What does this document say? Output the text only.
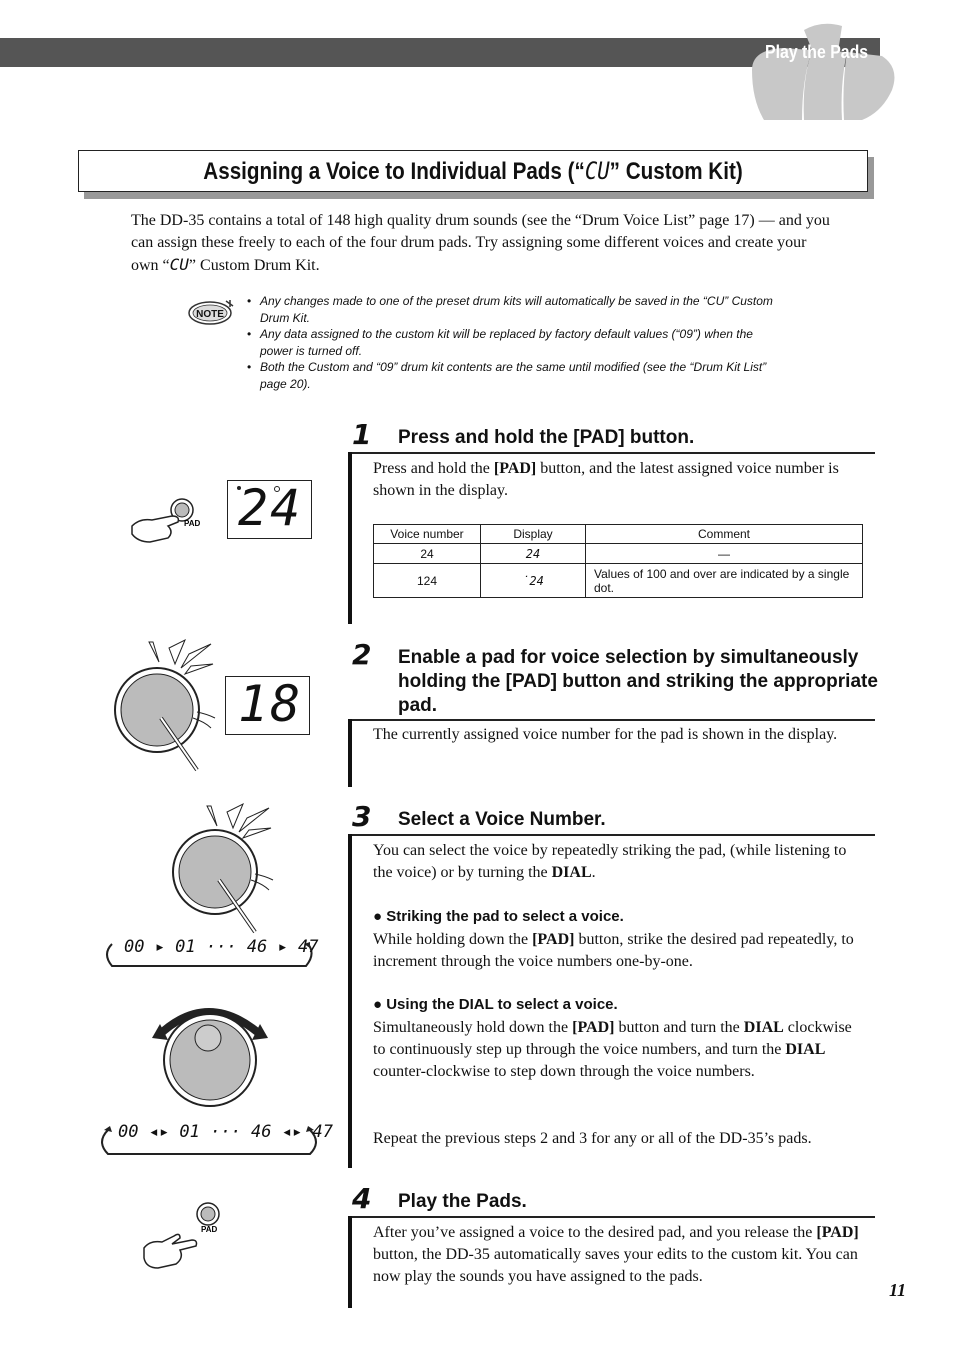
Play the Pads
Assigning a Voice to Individual Pads (“CU” Custom Kit)
The DD-35 contains a total of 148 high quality drum sounds (see the “Drum Voice List” page 17) — and you can assign these freely to each of the four drum pads. Try assigning some different voices and create your own “CU” Custom Drum Kit.
NOTE
• Any changes made to one of the preset drum kits will automatically be saved in the “CU” Custom Drum Kit.
• Any data assigned to the custom kit will be replaced by factory default values (“09”) when the power is turned off.
• Both the Custom and “09” drum kit contents are the same until modified (see the “Drum Kit List” page 20).
1 Press and hold the [PAD] button.
Press and hold the [PAD] button, and the latest assigned voice number is shown in the display.
Voice number	Display	Comment
24	24	—
124	˙24	Values of 100 and over are indicated by a single dot.
PAD 24
2 Enable a pad for voice selection by simultaneously holding the [PAD] button and striking the appropriate pad.
The currently assigned voice number for the pad is shown in the display.
18
3 Select a Voice Number.
You can select the voice by repeatedly striking the pad, (while listening to the voice) or by turning the DIAL.
● Striking the pad to select a voice.
While holding down the [PAD] button, strike the desired pad repeatedly, to increment through the voice numbers one-by-one.
● Using the DIAL to select a voice.
Simultaneously hold down the [PAD] button and turn the DIAL clockwise to continuously step up through the voice numbers, and turn the DIAL counter-clockwise to step down through the voice numbers.
Repeat the previous steps 2 and 3 for any or all of the DD-35’s pads.
00 ▸ 01 ··· 46 ▸ 47
00 ◂▸ 01 ··· 46 ◂▸ 47
4 Play the Pads.
After you’ve assigned a voice to the desired pad, and you release the [PAD] button, the DD-35 automatically saves your edits to the custom kit. You can now play the sounds you have assigned to the pads.
PAD
11
